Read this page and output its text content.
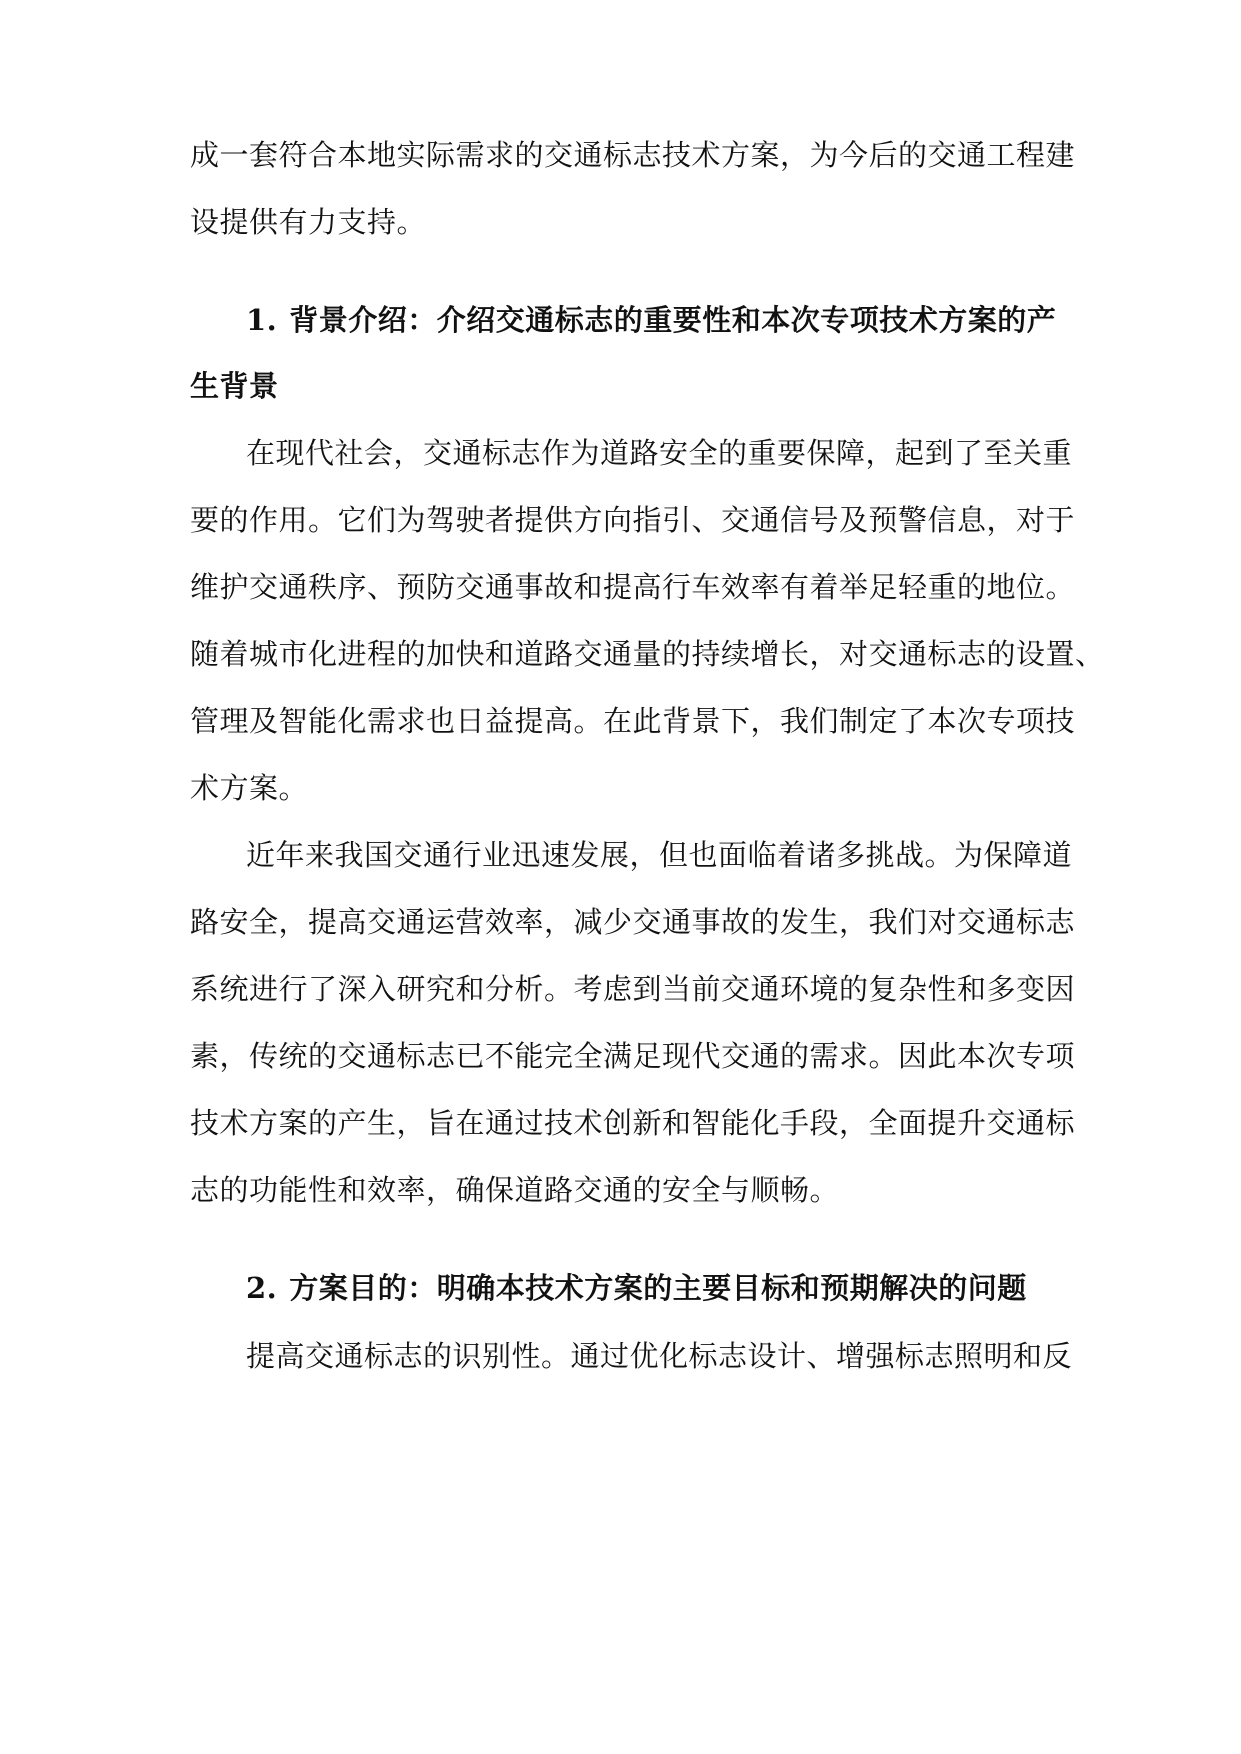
成一套符合本地实际需求的交通标志技术方案，为今后的交通工程建
设提供有力支持。
1. 背景介绍：介绍交通标志的重要性和本次专项技术方案的产
生背景
在现代社会，交通标志作为道路安全的重要保障，起到了至关重
要的作用。它们为驾驶者提供方向指引、交通信号及预警信息，对于
维护交通秩序、预防交通事故和提高行车效率有着举足轻重的地位。
随着城市化进程的加快和道路交通量的持续增长，对交通标志的设置、
管理及智能化需求也日益提高。在此背景下，我们制定了本次专项技
术方案。
近年来我国交通行业迅速发展，但也面临着诸多挑战。为保障道
路安全，提高交通运营效率，减少交通事故的发生，我们对交通标志
系统进行了深入研究和分析。考虑到当前交通环境的复杂性和多变因
素，传统的交通标志已不能完全满足现代交通的需求。因此本次专项
技术方案的产生，旨在通过技术创新和智能化手段，全面提升交通标
志的功能性和效率，确保道路交通的安全与顺畅。
2. 方案目的：明确本技术方案的主要目标和预期解决的问题
提高交通标志的识别性。通过优化标志设计、增强标志照明和反
